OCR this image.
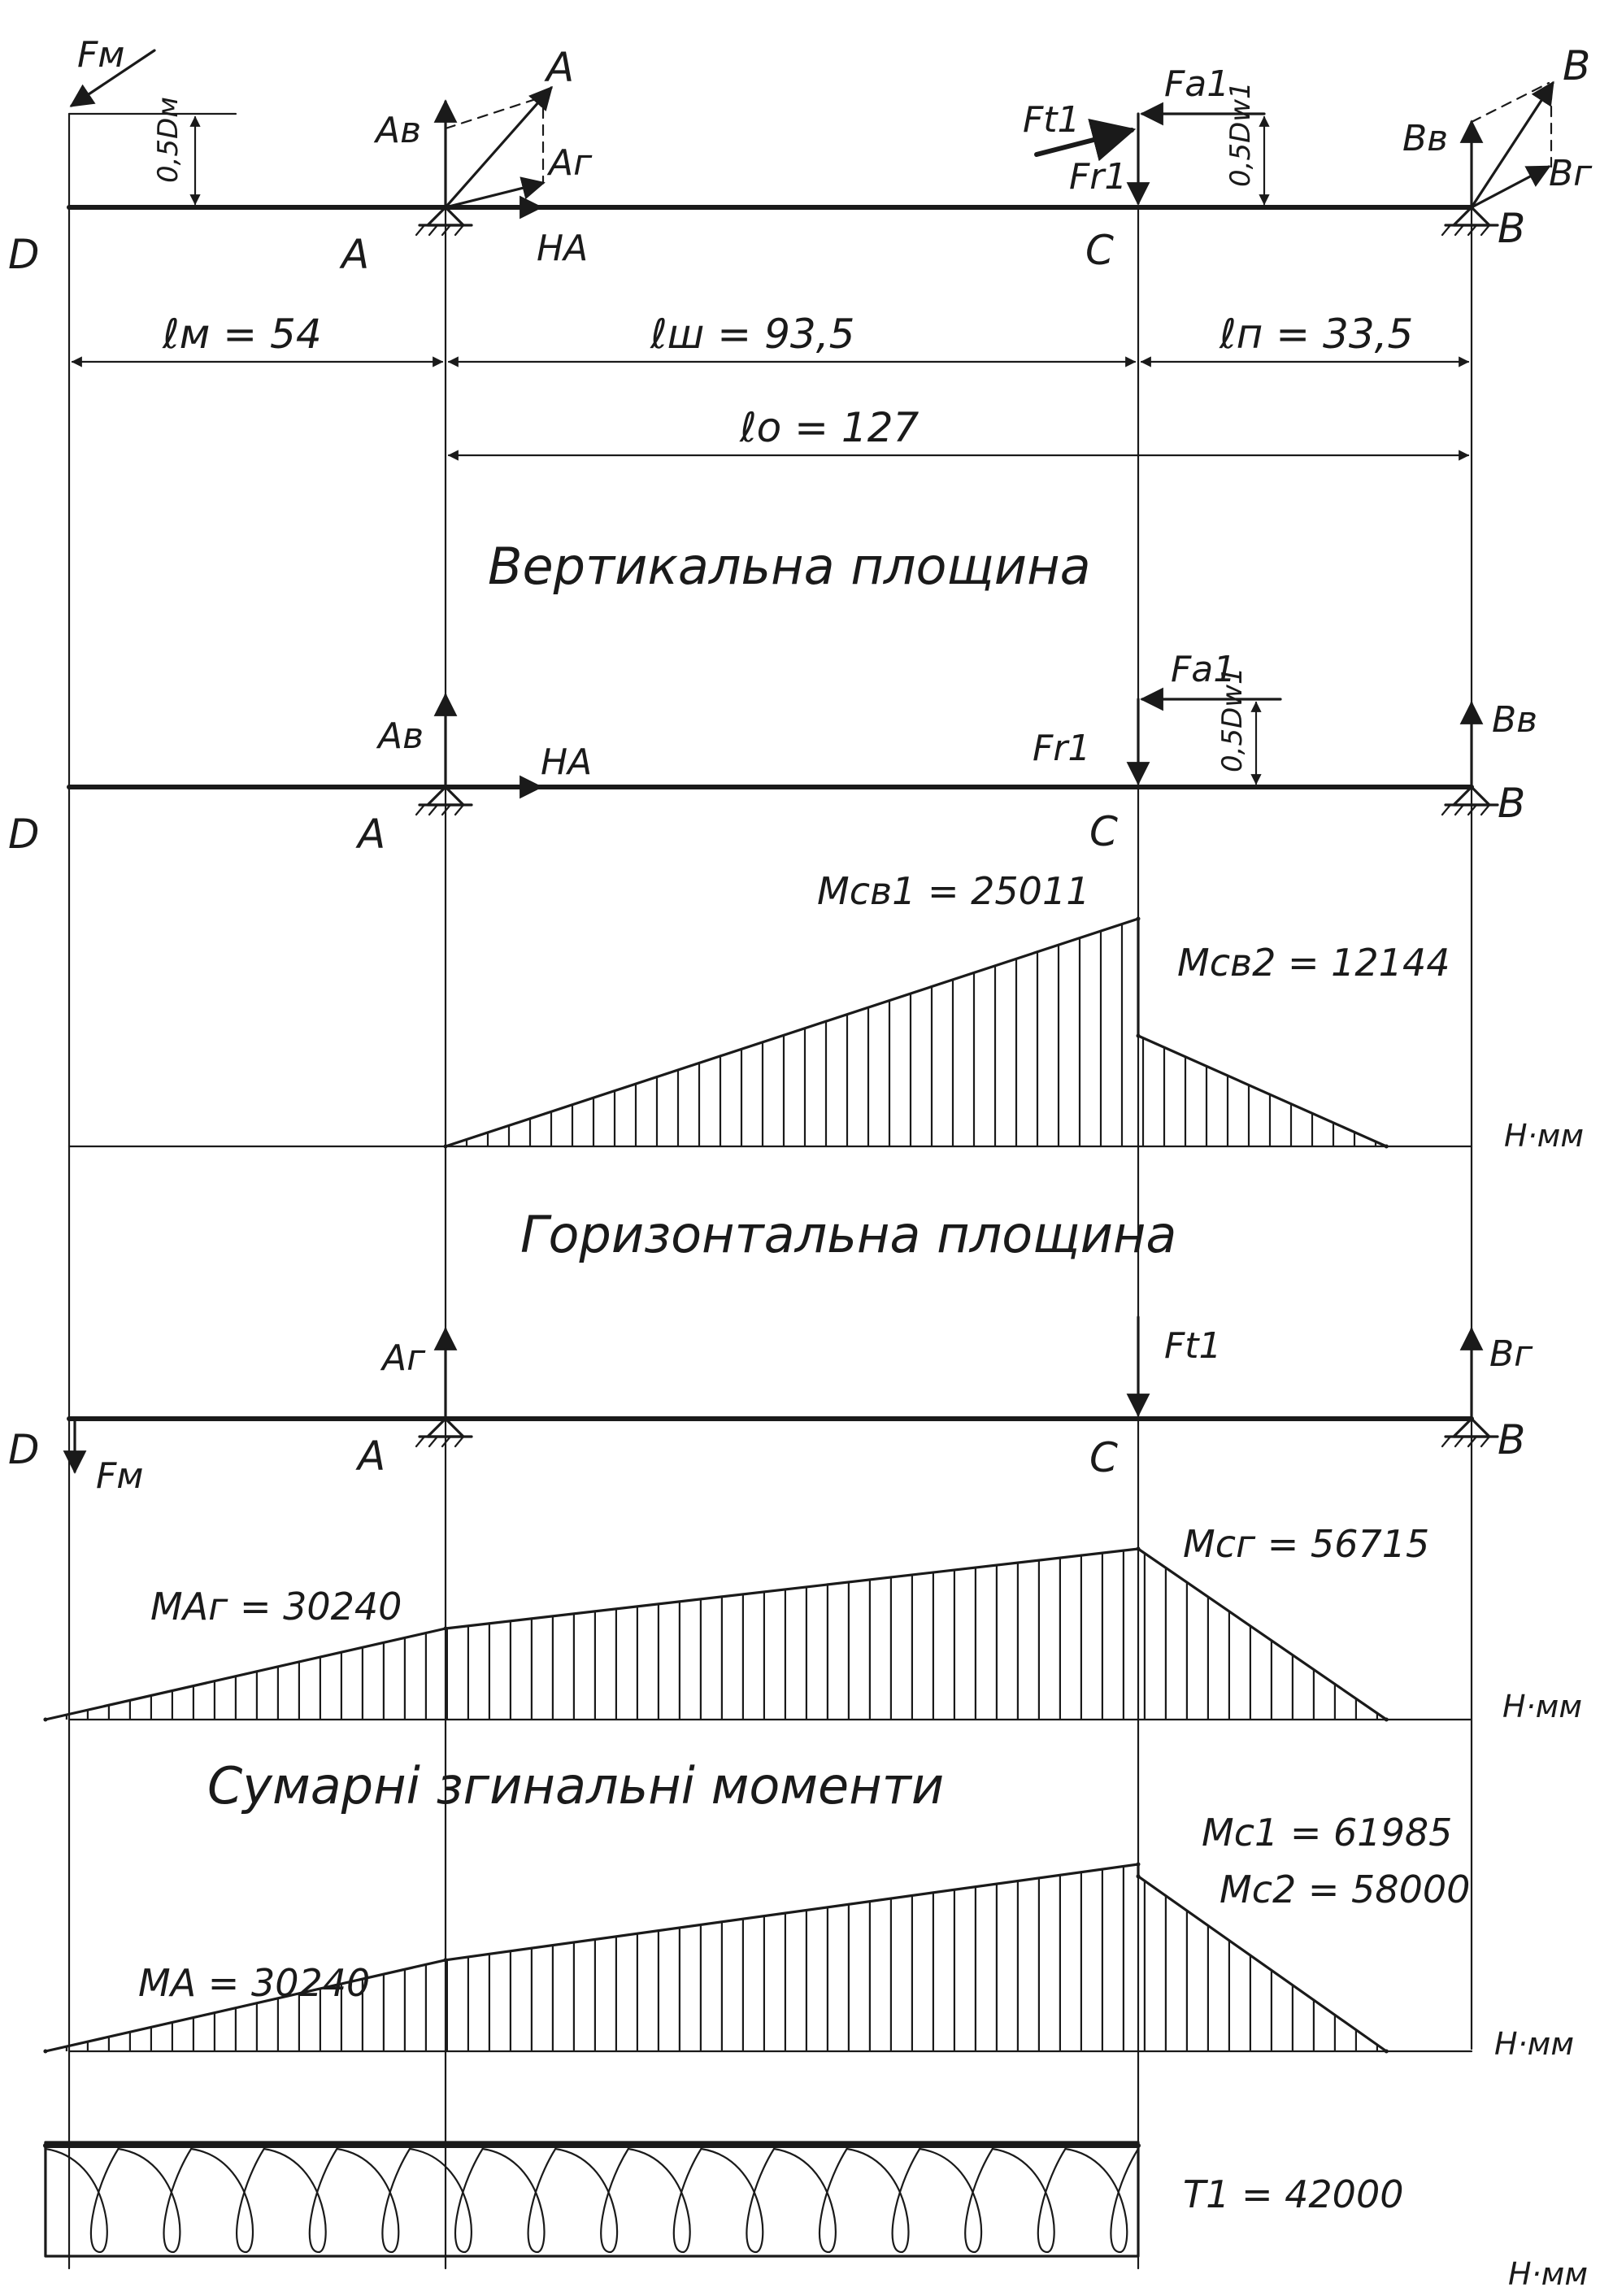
Fм
0,5Dм
A
D
Aв
A
Aг
HA	C
Ft1
Fr1
Fa1
0,5Dw1
B
Bв
B
Bг
ℓм = 54	ℓш = 93,5	ℓп = 33,5
ℓо = 127
Вертикальна площина
D	A	C
B
Aв
HA	Fr1
Fa1
0,5Dw1	Bв
Mсв1 = 25011
Mсв2 = 12144
Н·мм
Горизонтальна площина
D	A	C	B
Fм
Aг	Ft1	Bг
MАг = 30240
Mсг = 56715
Н·мм
Сумарні згинальні моменти
MА = 30240
Mс1 = 61985
Mс2 = 58000
Н·мм
T1 = 42000
Н·мм
